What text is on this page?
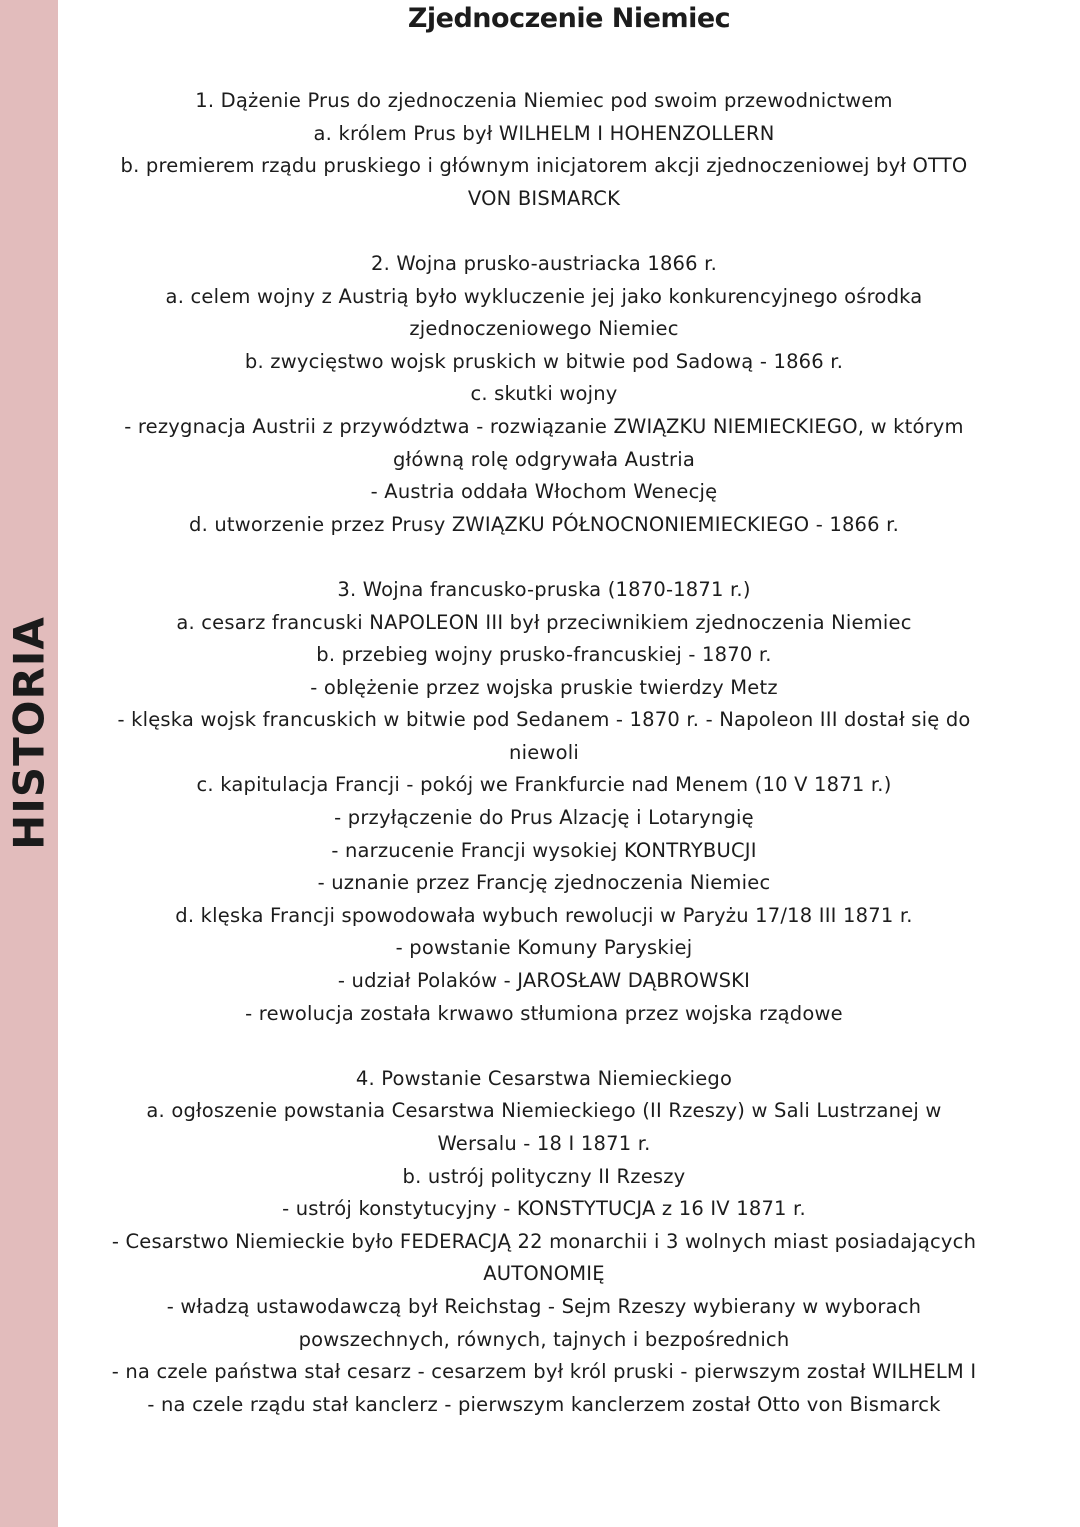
HISTORIA
Zjednoczenie Niemiec

1. Dążenie Prus do zjednoczenia Niemiec pod swoim przewodnictwem

a. królem Prus był WILHELM I HOHENZOLLERN

b. premierem rządu pruskiego i głównym inicjatorem akcji zjednoczeniowej był OTTO VON BISMARCK

2. Wojna prusko-austriacka 1866 r.

a. celem wojny z Austrią było wykluczenie jej jako konkurencyjnego ośrodka zjednoczeniowego Niemiec

b. zwycięstwo wojsk pruskich w bitwie pod Sadową - 1866 r.

c. skutki wojny

- rezygnacja Austrii z przywództwa - rozwiązanie ZWIĄZKU NIEMIECKIEGO, w którym główną rolę odgrywała Austria

- Austria oddała Włochom Wenecję

d. utworzenie przez Prusy ZWIĄZKU PÓŁNOCNONIEMIECKIEGO - 1866 r.

3. Wojna francusko-pruska (1870-1871 r.)

a. cesarz francuski NAPOLEON III był przeciwnikiem zjednoczenia Niemiec

b. przebieg wojny prusko-francuskiej - 1870 r.

- oblężenie przez wojska pruskie twierdzy Metz

- klęska wojsk francuskich w bitwie pod Sedanem - 1870 r. - Napoleon III dostał się do niewoli

c. kapitulacja Francji - pokój we Frankfurcie nad Menem (10 V 1871 r.)

- przyłączenie do Prus Alzację i Lotaryngię

- narzucenie Francji wysokiej KONTRYBUCJI

- uznanie przez Francję zjednoczenia Niemiec

d. klęska Francji spowodowała wybuch rewolucji w Paryżu 17/18 III 1871 r.

- powstanie Komuny Paryskiej

- udział Polaków - JAROSŁAW DĄBROWSKI

- rewolucja została krwawo stłumiona przez wojska rządowe

4. Powstanie Cesarstwa Niemieckiego

a. ogłoszenie powstania Cesarstwa Niemieckiego (II Rzeszy) w Sali Lustrzanej w Wersalu - 18 I 1871 r.

b. ustrój polityczny II Rzeszy

- ustrój konstytucyjny - KONSTYTUCJA z 16 IV 1871 r.

- Cesarstwo Niemieckie było FEDERACJĄ 22 monarchii i 3 wolnych miast posiadających AUTONOMIĘ

- władzą ustawodawczą był Reichstag - Sejm Rzeszy wybierany w wyborach powszechnych, równych, tajnych i bezpośrednich

- na czele państwa stał cesarz - cesarzem był król pruski - pierwszym został WILHELM I

- na czele rządu stał kanclerz - pierwszym kanclerzem został Otto von Bismarck
